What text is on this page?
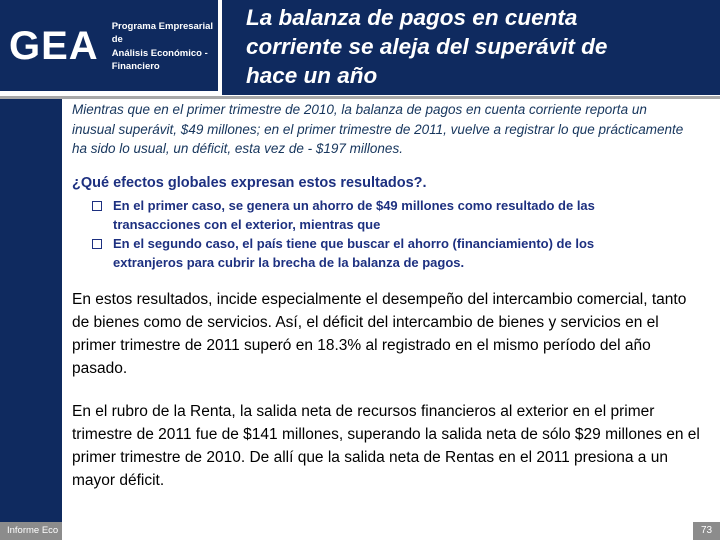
GEA Programa Empresarial de
Análisis Económico -
Financiero
La balanza de pagos en cuenta corriente se aleja del superávit de hace un año
Mientras que en el primer trimestre de 2010, la balanza de pagos en cuenta corriente reporta un inusual superávit, $49 millones; en el primer trimestre de 2011, vuelve a registrar lo que prácticamente ha sido lo usual, un déficit, esta vez de - $197 millones.
¿Qué efectos globales expresan estos resultados?.
En el primer caso, se genera un ahorro de $49 millones como resultado de las transacciones con el exterior, mientras que
En el segundo caso, el país tiene que buscar el ahorro (financiamiento) de los extranjeros para cubrir la brecha de la balanza de pagos.
En estos resultados, incide especialmente el desempeño del intercambio comercial, tanto de bienes como de servicios. Así, el déficit del intercambio de bienes y servicios en el primer trimestre de 2011 superó en 18.3% al registrado en el mismo período del año pasado.
En el rubro de la Renta, la salida neta de recursos financieros al exterior en el primer trimestre de 2011 fue de $141 millones, superando la salida neta de sólo $29 millones en el primer trimestre de 2010. De allí que la salida neta de Rentas en el 2011 presiona a un mayor déficit.
Informe Eco	73
